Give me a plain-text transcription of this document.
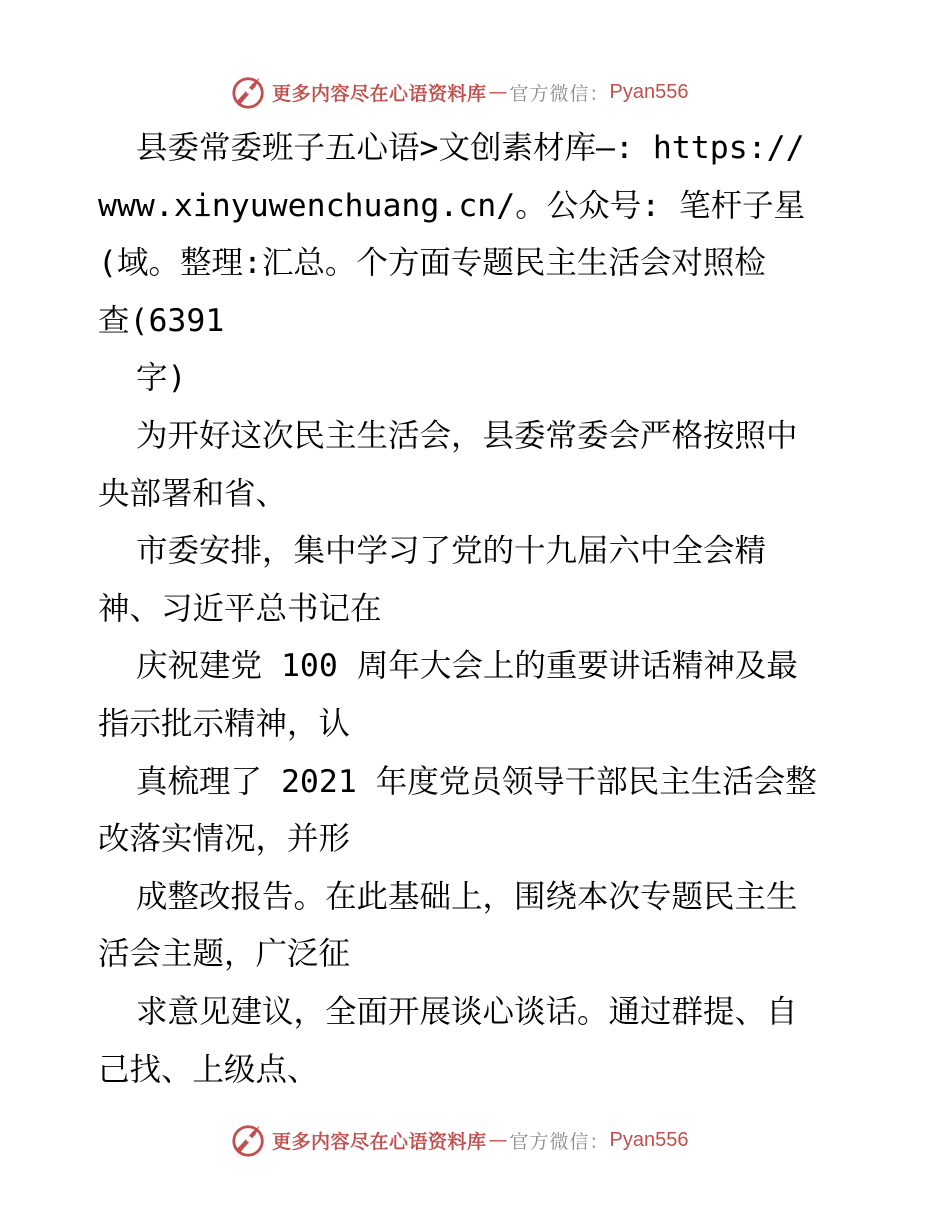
更多内容尽在心语资料库 — 官方微信： Pyan556
县委常委班子五心语>文创素材库—: https://
www.xinyuwenchuang.cn/。公众号: 笔杆子星
(域。整理:汇总。个方面专题民主生活会对照检
查(6391
字)
为开好这次民主生活会，县委常委会严格按照中
央部署和省、
市委安排，集中学习了党的十九届六中全会精
神、习近平总书记在
庆祝建党 100 周年大会上的重要讲话精神及最
指示批示精神，认
真梳理了 2021 年度党员领导干部民主生活会整
改落实情况，并形
成整改报告。在此基础上，围绕本次专题民主生
活会主题，广泛征
求意见建议，全面开展谈心谈话。通过群提、自
己找、上级点、
更多内容尽在心语资料库 — 官方微信： Pyan556
